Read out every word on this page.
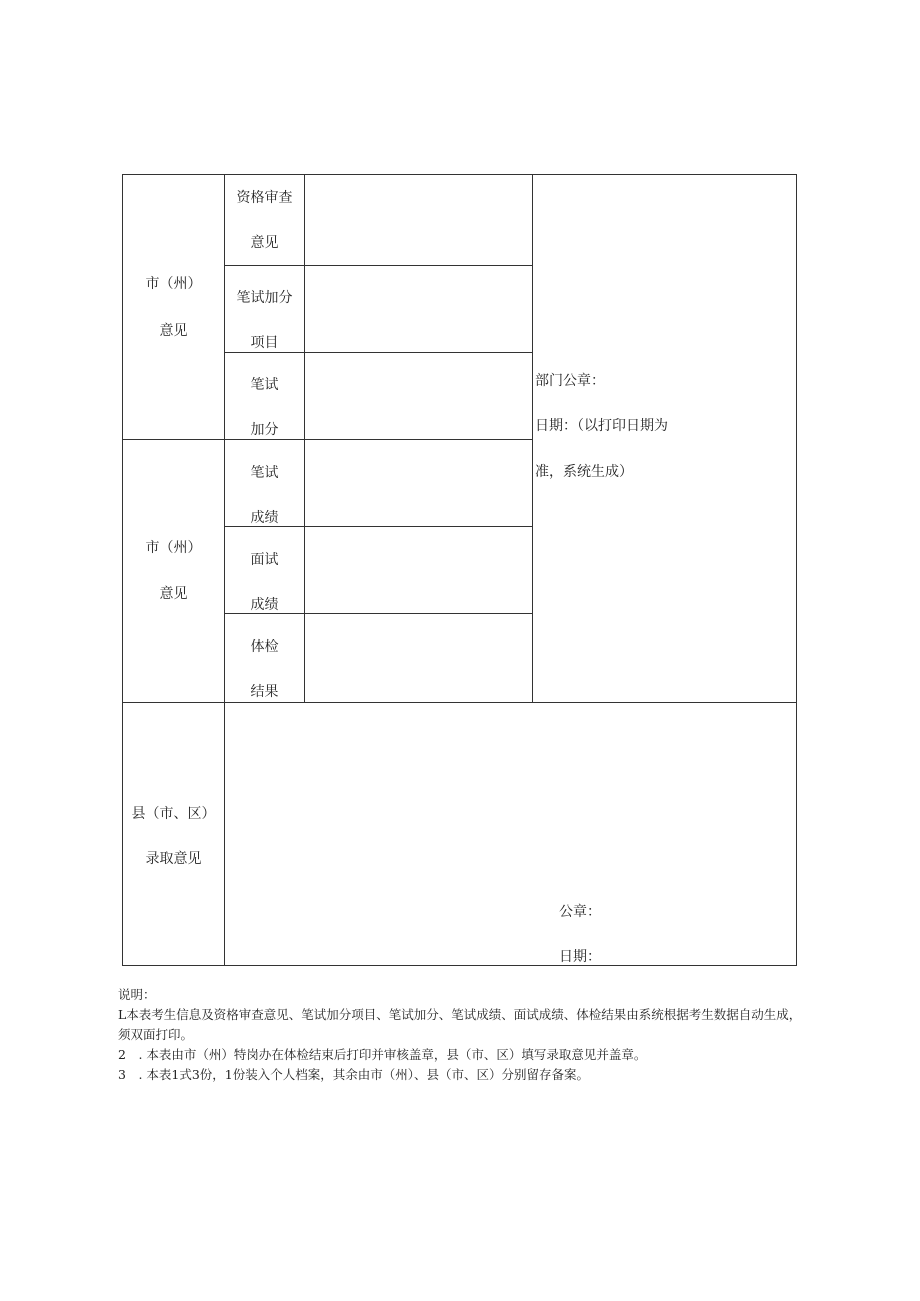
市（州）
意见
资格审查
意见
笔试加分
项目
笔试
加分
市（州）
意见
笔试
成绩
面试
成绩
体检
结果
部门公章：
日期：（以打印日期为
准，系统生成）
县（市、区）
录取意见
公章：
日期：
说明：
L本表考生信息及资格审查意见、笔试加分项目、笔试加分、笔试成绩、面试成绩、体检结果由系统根据考生数据自动生成，须双面打印。
2　. 本表由市（州）特岗办在体检结束后打印并审核盖章，县（市、区）填写录取意见并盖章。
3　. 本表1式3份，1份装入个人档案，其余由市（州）、县（市、区）分别留存备案。
